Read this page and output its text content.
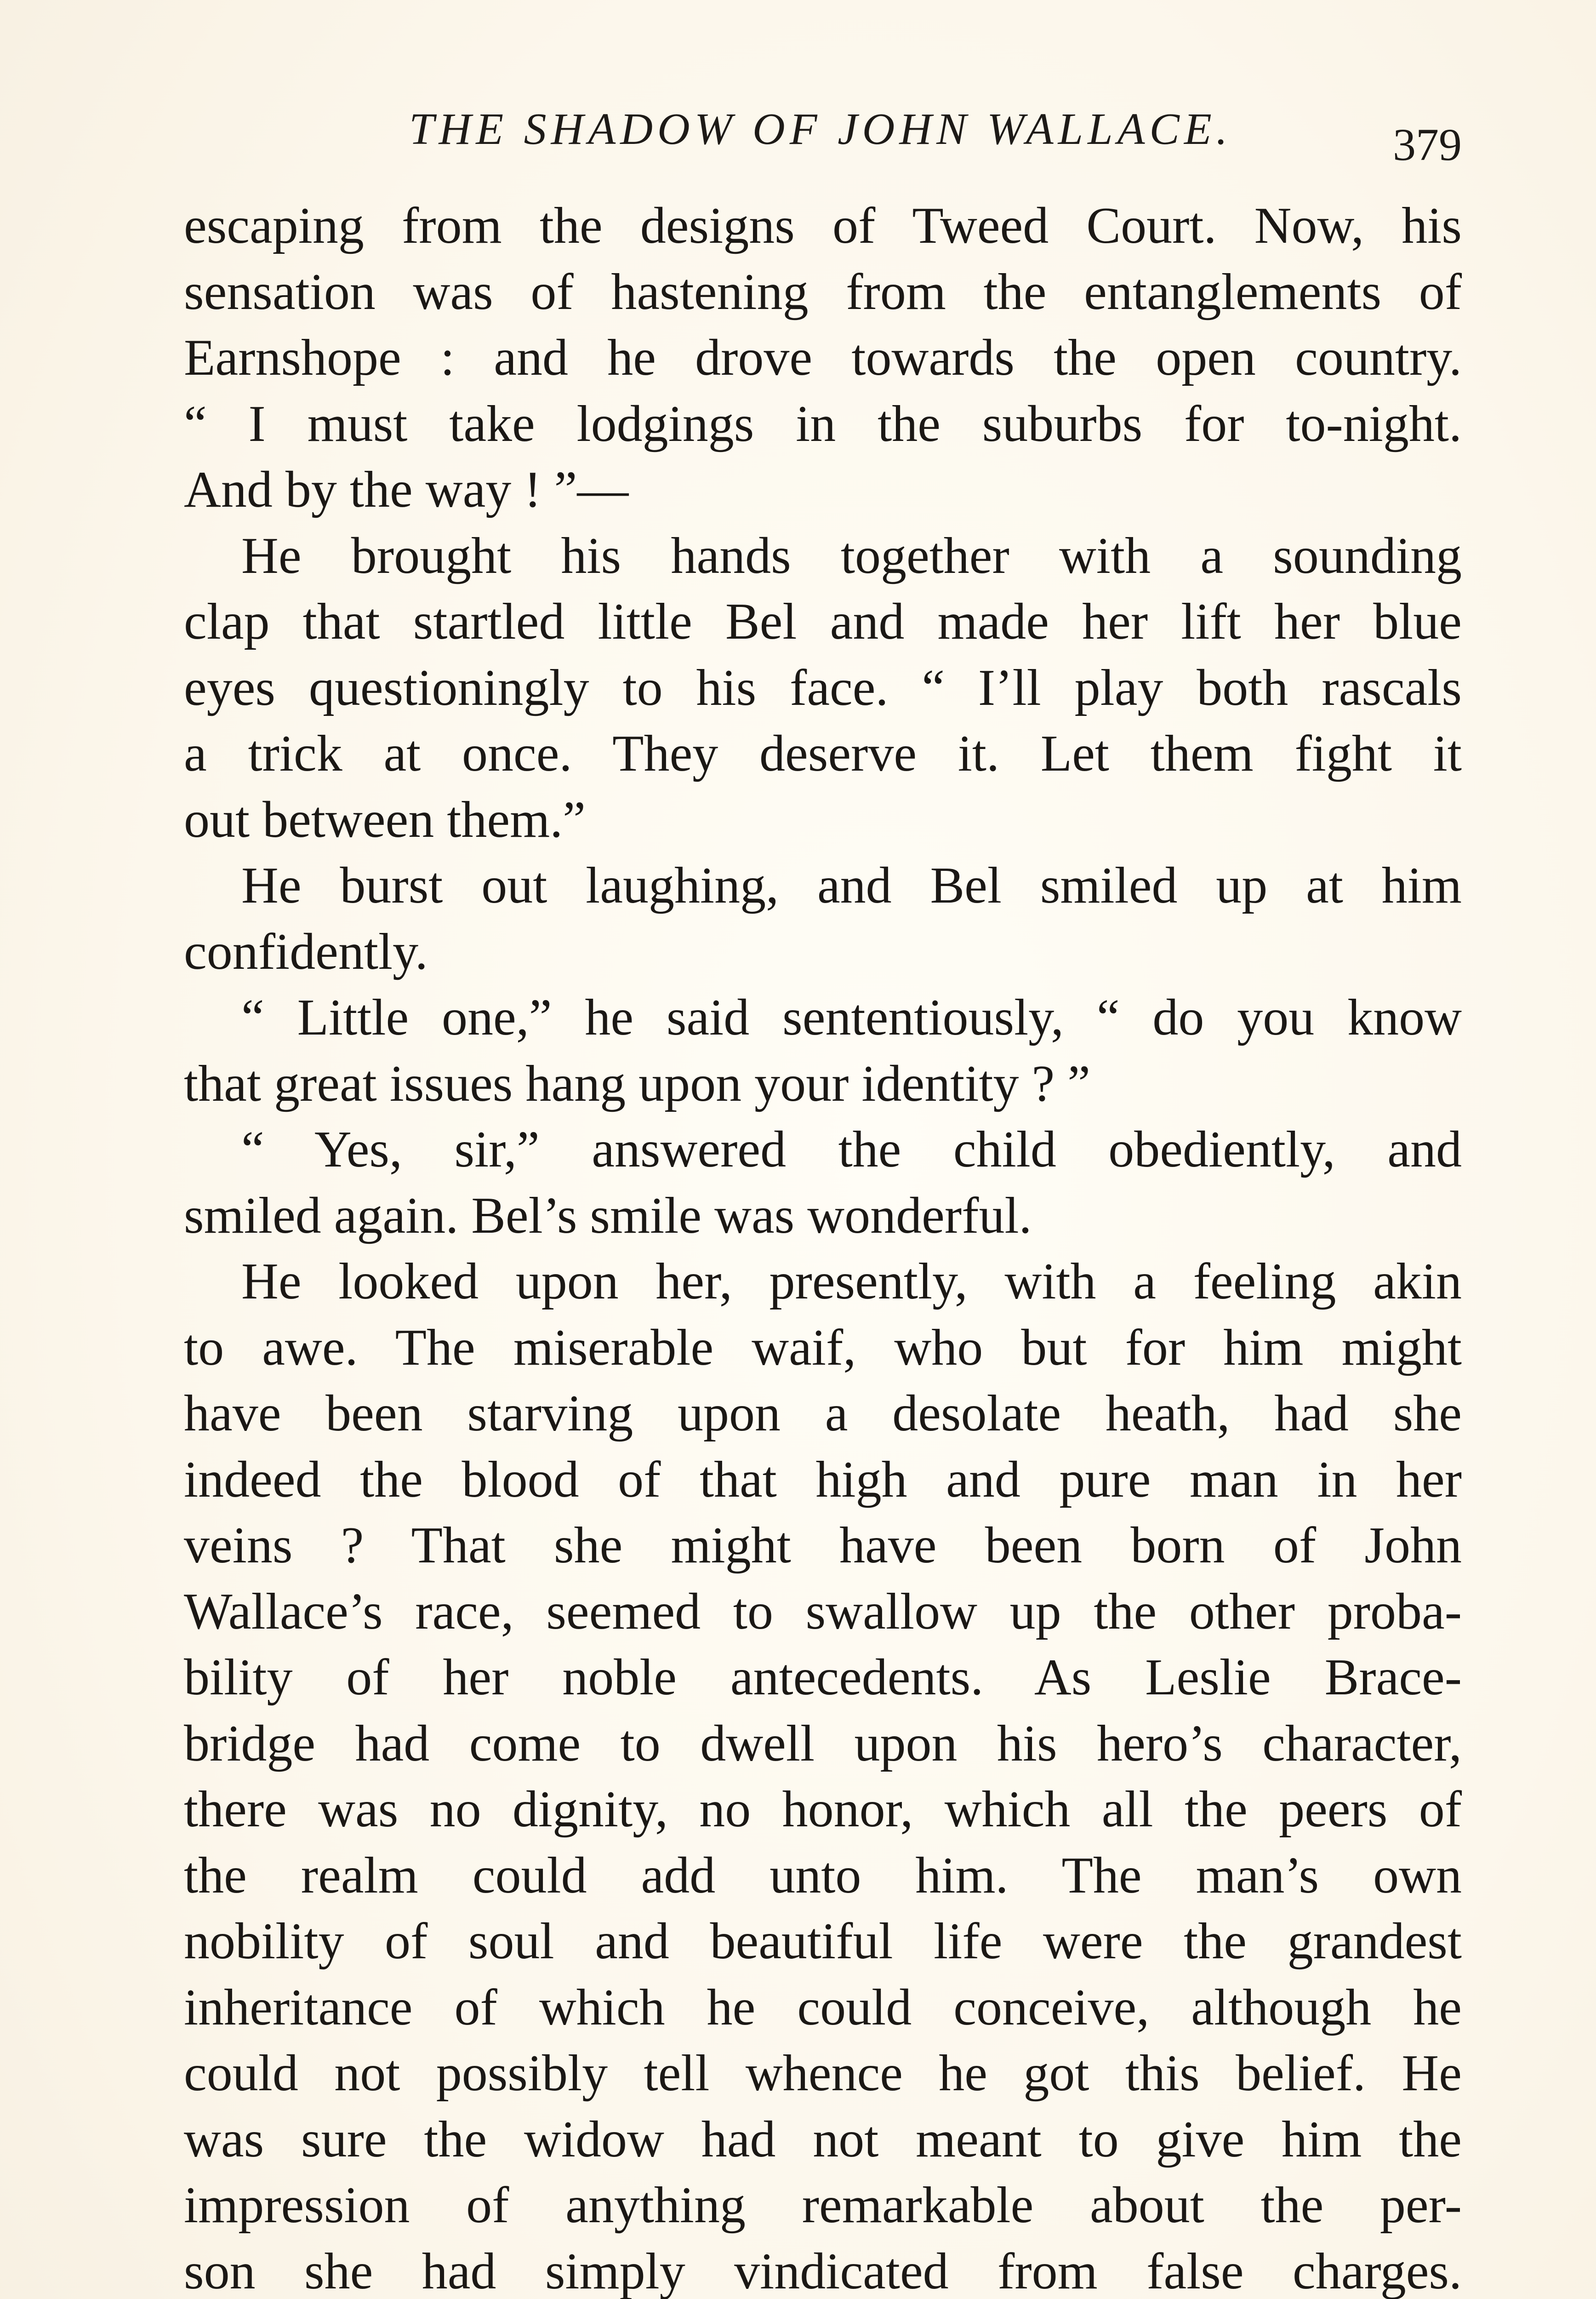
THE SHADOW OF JOHN WALLACE.	379
escaping from the designs of Tweed Court. Now, his
sensation was of hastening from the entanglements of
Earnshope : and he drove towards the open country.
“ I must take lodgings in the suburbs for to-night.
And by the way ! ”—
He brought his hands together with a sounding
clap that startled little Bel and made her lift her blue
eyes questioningly to his face. “ I’ll play both rascals
a trick at once. They deserve it. Let them fight it
out between them.”
He burst out laughing, and Bel smiled up at him
confidently.
“ Little one,” he said sententiously, “ do you know
that great issues hang upon your identity ? ”
“ Yes, sir,” answered the child obediently, and
smiled again. Bel’s smile was wonderful.
He looked upon her, presently, with a feeling akin
to awe. The miserable waif, who but for him might
have been starving upon a desolate heath, had she
indeed the blood of that high and pure man in her
veins ? That she might have been born of John
Wallace’s race, seemed to swallow up the other proba-
bility of her noble antecedents. As Leslie Brace-
bridge had come to dwell upon his hero’s character,
there was no dignity, no honor, which all the peers of
the realm could add unto him. The man’s own
nobility of soul and beautiful life were the grandest
inheritance of which he could conceive, although he
could not possibly tell whence he got this belief. He
was sure the widow had not meant to give him the
impression of anything remarkable about the per-
son she had simply vindicated from false charges.
